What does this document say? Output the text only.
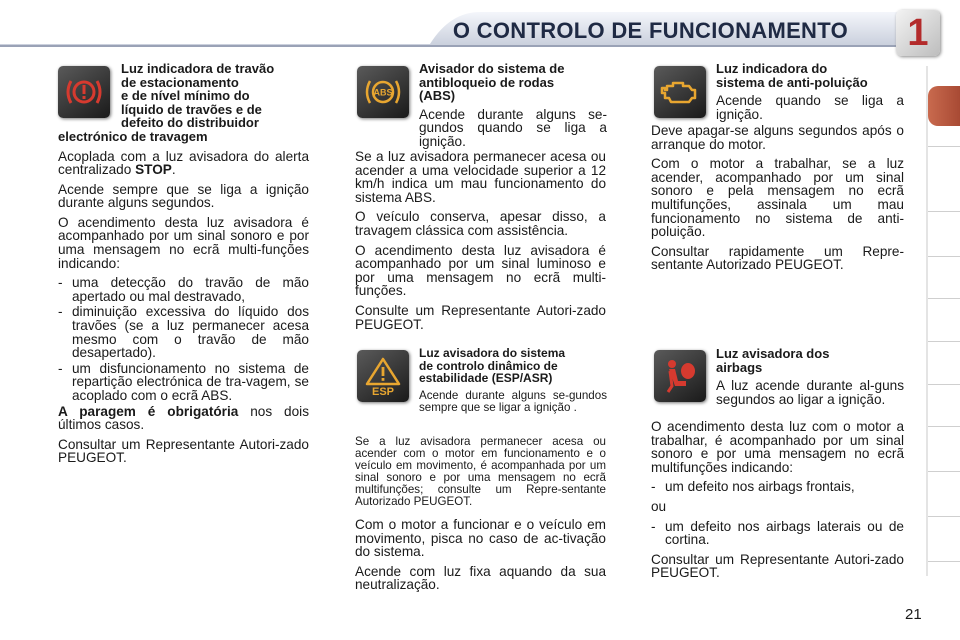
O CONTROLO DE FUNCIONAMENTO 1
Luz indicadora de travão
de estacionamento
e de nível mínimo do
líquido de travões e de
defeito do distribuidor
electrónico de travagem

Acoplada com a luz avisadora do alerta centralizado STOP.

Acende sempre que se liga a ignição durante alguns segundos.

O acendimento desta luz avisadora é acompanhado por um sinal sonoro e por uma mensagem no ecrã multi-funções indicando:

- uma detecção do travão de mão apertado ou mal destravado,
- diminuição excessiva do líquido dos travões (se a luz permanecer acesa mesmo com o travão de mão desapertado).
- um disfuncionamento no sistema de repartição electrónica de tra-vagem, se acoplado com o ecrã ABS.

A paragem é obrigatória nos dois últimos casos.

Consultar um Representante Autori-zado PEUGEOT.

ABS
Avisador do sistema de
antibloqueio de rodas
(ABS)

Acende durante alguns se-gundos quando se liga a ignição.

Se a luz avisadora permanecer acesa ou acender a uma velocidade superior a 12 km/h indica um mau funcionamento do sistema ABS.

O veículo conserva, apesar disso, a travagem clássica com assistência.

O acendimento desta luz avisadora é acompanhado por um sinal luminoso e por uma mensagem no ecrã multi-funções.

Consulte um Representante Autori-zado PEUGEOT.

ESP
Luz avisadora do sistema
de controlo dinâmico de
estabilidade (ESP/ASR)

Acende durante alguns se-gundos sempre que se ligar a ignição .

Se a luz avisadora permanecer acesa ou acender com o motor em funcionamento e o veículo em movimento, é acompanhada por um sinal sonoro e por uma mensagem no ecrã multifunções; consulte um Repre-sentante Autorizado PEUGEOT.

Com o motor a funcionar e o veículo em movimento, pisca no caso de ac-tivação do sistema.

Acende com luz fixa aquando da sua neutralização.

Luz indicadora do
sistema de anti-poluição

Acende quando se liga a ignição.

Deve apagar-se alguns segundos após o arranque do motor.

Com o motor a trabalhar, se a luz acender, acompanhado por um sinal sonoro e pela mensagem no ecrã multifunções, assinala um mau funcionamento no sistema de anti-poluição.

Consultar rapidamente um Repre-sentante Autorizado PEUGEOT.

Luz avisadora dos
airbags

A luz acende durante al-guns segundos ao ligar a ignição.

O acendimento desta luz com o motor a trabalhar, é acompanhado por um sinal sonoro e por uma mensagem no ecrã multifunções indicando:

- um defeito nos airbags frontais,

ou

- um defeito nos airbags laterais ou de cortina.

Consultar um Representante Autori-zado PEUGEOT.

21
